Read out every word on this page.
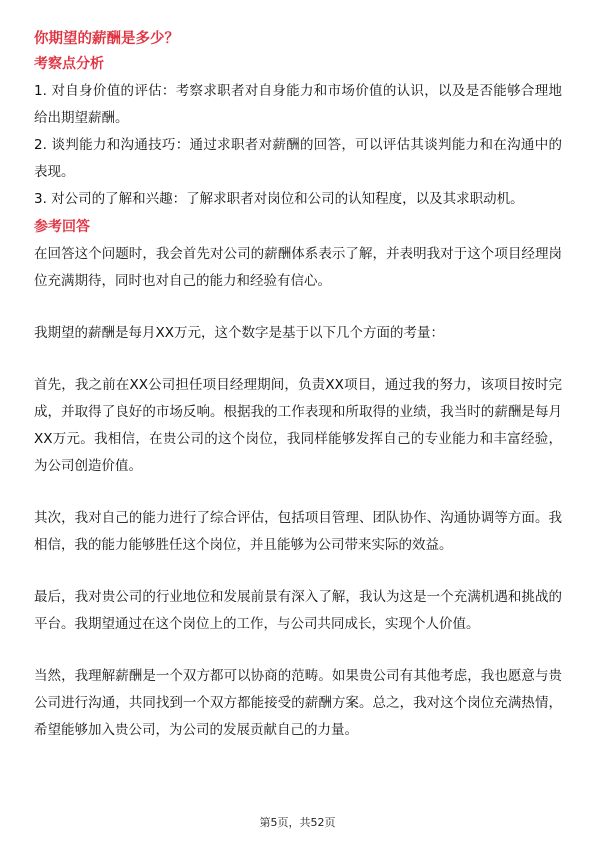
你期望的薪酬是多少？
考察点分析

1. 对自身价值的评估：考察求职者对自身能力和市场价值的认识，以及是否能够合理地给出期望薪酬。

2. 谈判能力和沟通技巧：通过求职者对薪酬的回答，可以评估其谈判能力和在沟通中的表现。

3. 对公司的了解和兴趣：了解求职者对岗位和公司的认知程度，以及其求职动机。

参考回答

在回答这个问题时，我会首先对公司的薪酬体系表示了解，并表明我对于这个项目经理岗位充满期待，同时也对自己的能力和经验有信心。

我期望的薪酬是每月XX万元，这个数字是基于以下几个方面的考量：

首先，我之前在XX公司担任项目经理期间，负责XX项目，通过我的努力，该项目按时完成，并取得了良好的市场反响。根据我的工作表现和所取得的业绩，我当时的薪酬是每月XX万元。我相信，在贵公司的这个岗位，我同样能够发挥自己的专业能力和丰富经验，为公司创造价值。

其次，我对自己的能力进行了综合评估，包括项目管理、团队协作、沟通协调等方面。我相信，我的能力能够胜任这个岗位，并且能够为公司带来实际的效益。

最后，我对贵公司的行业地位和发展前景有深入了解，我认为这是一个充满机遇和挑战的平台。我期望通过在这个岗位上的工作，与公司共同成长，实现个人价值。

当然，我理解薪酬是一个双方都可以协商的范畴。如果贵公司有其他考虑，我也愿意与贵公司进行沟通，共同找到一个双方都能接受的薪酬方案。总之，我对这个岗位充满热情，希望能够加入贵公司，为公司的发展贡献自己的力量。

第5页，共52页
